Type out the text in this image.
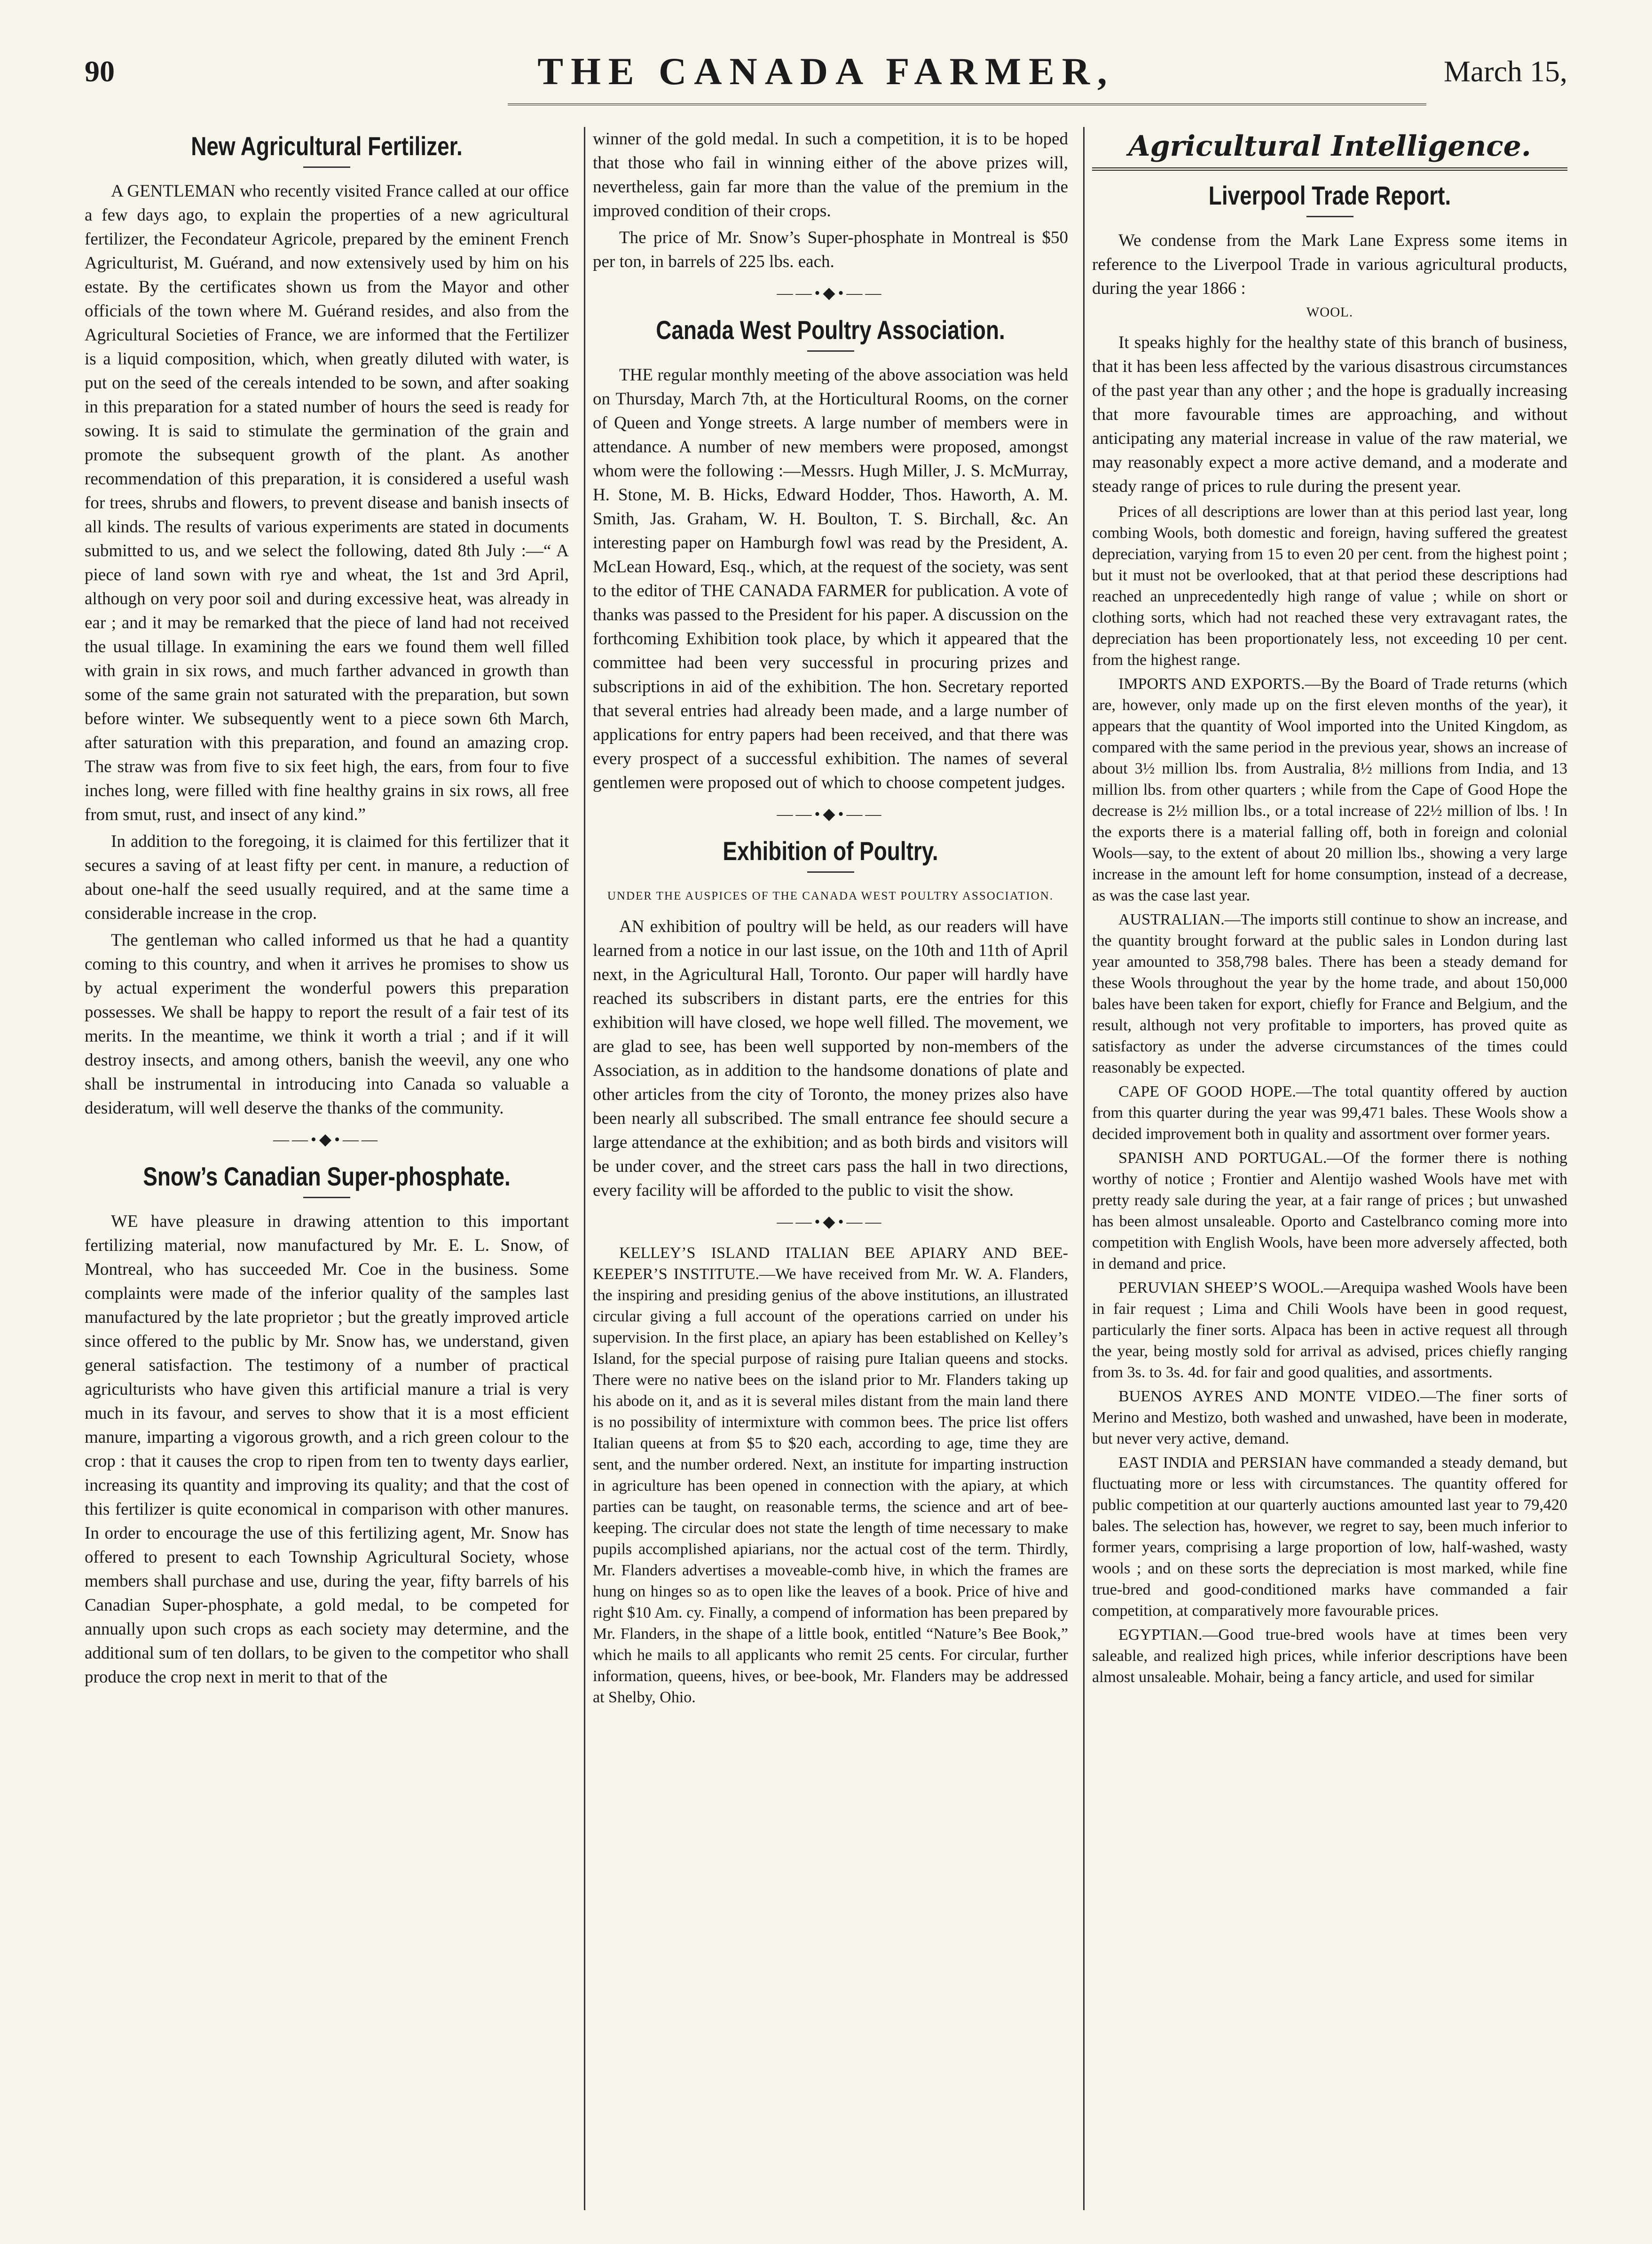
90	THE CANADA FARMER,	March 15,
New Agricultural Fertilizer.

A GENTLEMAN who recently visited France called at our office a few days ago, to explain the properties of a new agricultural fertilizer, the Fecondateur Agricole, prepared by the eminent French Agriculturist, M. Guérand, and now extensively used by him on his estate. By the certificates shown us from the Mayor and other officials of the town where M. Guérand resides, and also from the Agricultural Societies of France, we are informed that the Fertilizer is a liquid composition, which, when greatly diluted with water, is put on the seed of the cereals intended to be sown, and after soaking in this preparation for a stated number of hours the seed is ready for sowing. It is said to stimulate the germination of the grain and promote the subsequent growth of the plant. As another recommendation of this preparation, it is considered a useful wash for trees, shrubs and flowers, to prevent disease and banish insects of all kinds. The results of various experiments are stated in documents submitted to us, and we select the following, dated 8th July :—“ A piece of land sown with rye and wheat, the 1st and 3rd April, although on very poor soil and during excessive heat, was already in ear ; and it may be remarked that the piece of land had not received the usual tillage. In examining the ears we found them well filled with grain in six rows, and much farther advanced in growth than some of the same grain not saturated with the preparation, but sown before winter. We subsequently went to a piece sown 6th March, after saturation with this preparation, and found an amazing crop. The straw was from five to six feet high, the ears, from four to five inches long, were filled with fine healthy grains in six rows, all free from smut, rust, and insect of any kind.”

In addition to the foregoing, it is claimed for this fertilizer that it secures a saving of at least fifty per cent. in manure, a reduction of about one-half the seed usually required, and at the same time a considerable increase in the crop.

The gentleman who called informed us that he had a quantity coming to this country, and when it arrives he promises to show us by actual experiment the wonderful powers this preparation possesses. We shall be happy to report the result of a fair test of its merits. In the meantime, we think it worth a trial ; and if it will destroy insects, and among others, banish the weevil, any one who shall be instrumental in introducing into Canada so valuable a desideratum, will well deserve the thanks of the community.

——•◆•——
Snow’s Canadian Super-phosphate.

WE have pleasure in drawing attention to this important fertilizing material, now manufactured by Mr. E. L. Snow, of Montreal, who has succeeded Mr. Coe in the business. Some complaints were made of the inferior quality of the samples last manufactured by the late proprietor ; but the greatly improved article since offered to the public by Mr. Snow has, we understand, given general satisfaction. The testimony of a number of practical agriculturists who have given this artificial manure a trial is very much in its favour, and serves to show that it is a most efficient manure, imparting a vigorous growth, and a rich green colour to the crop : that it causes the crop to ripen from ten to twenty days earlier, increasing its quantity and improving its quality; and that the cost of this fertilizer is quite economical in comparison with other manures. In order to encourage the use of this fertilizing agent, Mr. Snow has offered to present to each Township Agricultural Society, whose members shall purchase and use, during the year, fifty barrels of his Canadian Super-phosphate, a gold medal, to be competed for annually upon such crops as each society may determine, and the additional sum of ten dollars, to be given to the competitor who shall produce the crop next in merit to that of the

winner of the gold medal. In such a competition, it is to be hoped that those who fail in winning either of the above prizes will, nevertheless, gain far more than the value of the premium in the improved condition of their crops.

The price of Mr. Snow’s Super-phosphate in Montreal is $50 per ton, in barrels of 225 lbs. each.

——•◆•——
Canada West Poultry Association.

THE regular monthly meeting of the above association was held on Thursday, March 7th, at the Horticultural Rooms, on the corner of Queen and Yonge streets. A large number of members were in attendance. A number of new members were proposed, amongst whom were the following :—Messrs. Hugh Miller, J. S. McMurray, H. Stone, M. B. Hicks, Edward Hodder, Thos. Haworth, A. M. Smith, Jas. Graham, W. H. Boulton, T. S. Birchall, &c. An interesting paper on Hamburgh fowl was read by the President, A. McLean Howard, Esq., which, at the request of the society, was sent to the editor of THE CANADA FARMER for publication. A vote of thanks was passed to the President for his paper. A discussion on the forthcoming Exhibition took place, by which it appeared that the committee had been very successful in procuring prizes and subscriptions in aid of the exhibition. The hon. Secretary reported that several entries had already been made, and a large number of applications for entry papers had been received, and that there was every prospect of a successful exhibition. The names of several gentlemen were proposed out of which to choose competent judges.

——•◆•——
Exhibition of Poultry.
UNDER THE AUSPICES OF THE CANADA WEST POULTRY ASSOCIATION.

AN exhibition of poultry will be held, as our readers will have learned from a notice in our last issue, on the 10th and 11th of April next, in the Agricultural Hall, Toronto. Our paper will hardly have reached its subscribers in distant parts, ere the entries for this exhibition will have closed, we hope well filled. The movement, we are glad to see, has been well supported by non-members of the Association, as in addition to the handsome donations of plate and other articles from the city of Toronto, the money prizes also have been nearly all subscribed. The small entrance fee should secure a large attendance at the exhibition; and as both birds and visitors will be under cover, and the street cars pass the hall in two directions, every facility will be afforded to the public to visit the show.

——•◆•——

KELLEY’S ISLAND ITALIAN BEE APIARY AND BEE-KEEPER’S INSTITUTE.—We have received from Mr. W. A. Flanders, the inspiring and presiding genius of the above institutions, an illustrated circular giving a full account of the operations carried on under his supervision. In the first place, an apiary has been established on Kelley’s Island, for the special purpose of raising pure Italian queens and stocks. There were no native bees on the island prior to Mr. Flanders taking up his abode on it, and as it is several miles distant from the main land there is no possibility of intermixture with common bees. The price list offers Italian queens at from $5 to $20 each, according to age, time they are sent, and the number ordered. Next, an institute for imparting instruction in agriculture has been opened in connection with the apiary, at which parties can be taught, on reasonable terms, the science and art of bee-keeping. The circular does not state the length of time necessary to make pupils accomplished apiarians, nor the actual cost of the term. Thirdly, Mr. Flanders advertises a moveable-comb hive, in which the frames are hung on hinges so as to open like the leaves of a book. Price of hive and right $10 Am. cy. Finally, a compend of information has been prepared by Mr. Flanders, in the shape of a little book, entitled “Nature’s Bee Book,” which he mails to all applicants who remit 25 cents. For circular, further information, queens, hives, or bee-book, Mr. Flanders may be addressed at Shelby, Ohio.

Agricultural Intelligence.
Liverpool Trade Report.

We condense from the Mark Lane Express some items in reference to the Liverpool Trade in various agricultural products, during the year 1866 :

WOOL.

It speaks highly for the healthy state of this branch of business, that it has been less affected by the various disastrous circumstances of the past year than any other ; and the hope is gradually increasing that more favourable times are approaching, and without anticipating any material increase in value of the raw material, we may reasonably expect a more active demand, and a moderate and steady range of prices to rule during the present year.

Prices of all descriptions are lower than at this period last year, long combing Wools, both domestic and foreign, having suffered the greatest depreciation, varying from 15 to even 20 per cent. from the highest point ; but it must not be overlooked, that at that period these descriptions had reached an unprecedentedly high range of value ; while on short or clothing sorts, which had not reached these very extravagant rates, the depreciation has been proportionately less, not exceeding 10 per cent. from the highest range.

IMPORTS AND EXPORTS.—By the Board of Trade returns (which are, however, only made up on the first eleven months of the year), it appears that the quantity of Wool imported into the United Kingdom, as compared with the same period in the previous year, shows an increase of about 3½ million lbs. from Australia, 8½ millions from India, and 13 million lbs. from other quarters ; while from the Cape of Good Hope the decrease is 2½ million lbs., or a total increase of 22½ million of lbs. ! In the exports there is a material falling off, both in foreign and colonial Wools—say, to the extent of about 20 million lbs., showing a very large increase in the amount left for home consumption, instead of a decrease, as was the case last year.

AUSTRALIAN.—The imports still continue to show an increase, and the quantity brought forward at the public sales in London during last year amounted to 358,798 bales. There has been a steady demand for these Wools throughout the year by the home trade, and about 150,000 bales have been taken for export, chiefly for France and Belgium, and the result, although not very profitable to importers, has proved quite as satisfactory as under the adverse circumstances of the times could reasonably be expected.

CAPE OF GOOD HOPE.—The total quantity offered by auction from this quarter during the year was 99,471 bales. These Wools show a decided improvement both in quality and assortment over former years.

SPANISH AND PORTUGAL.—Of the former there is nothing worthy of notice ; Frontier and Alentijo washed Wools have met with pretty ready sale during the year, at a fair range of prices ; but unwashed has been almost unsaleable. Oporto and Castelbranco coming more into competition with English Wools, have been more adversely affected, both in demand and price.

PERUVIAN SHEEP’S WOOL.—Arequipa washed Wools have been in fair request ; Lima and Chili Wools have been in good request, particularly the finer sorts. Alpaca has been in active request all through the year, being mostly sold for arrival as advised, prices chiefly ranging from 3s. to 3s. 4d. for fair and good qualities, and assortments.

BUENOS AYRES AND MONTE VIDEO.—The finer sorts of Merino and Mestizo, both washed and unwashed, have been in moderate, but never very active, demand.

EAST INDIA and PERSIAN have commanded a steady demand, but fluctuating more or less with circumstances. The quantity offered for public competition at our quarterly auctions amounted last year to 79,420 bales. The selection has, however, we regret to say, been much inferior to former years, comprising a large proportion of low, half-washed, wasty wools ; and on these sorts the depreciation is most marked, while fine true-bred and good-conditioned marks have commanded a fair competition, at comparatively more favourable prices.

EGYPTIAN.—Good true-bred wools have at times been very saleable, and realized high prices, while inferior descriptions have been almost unsaleable. Mohair, being a fancy article, and used for similar
